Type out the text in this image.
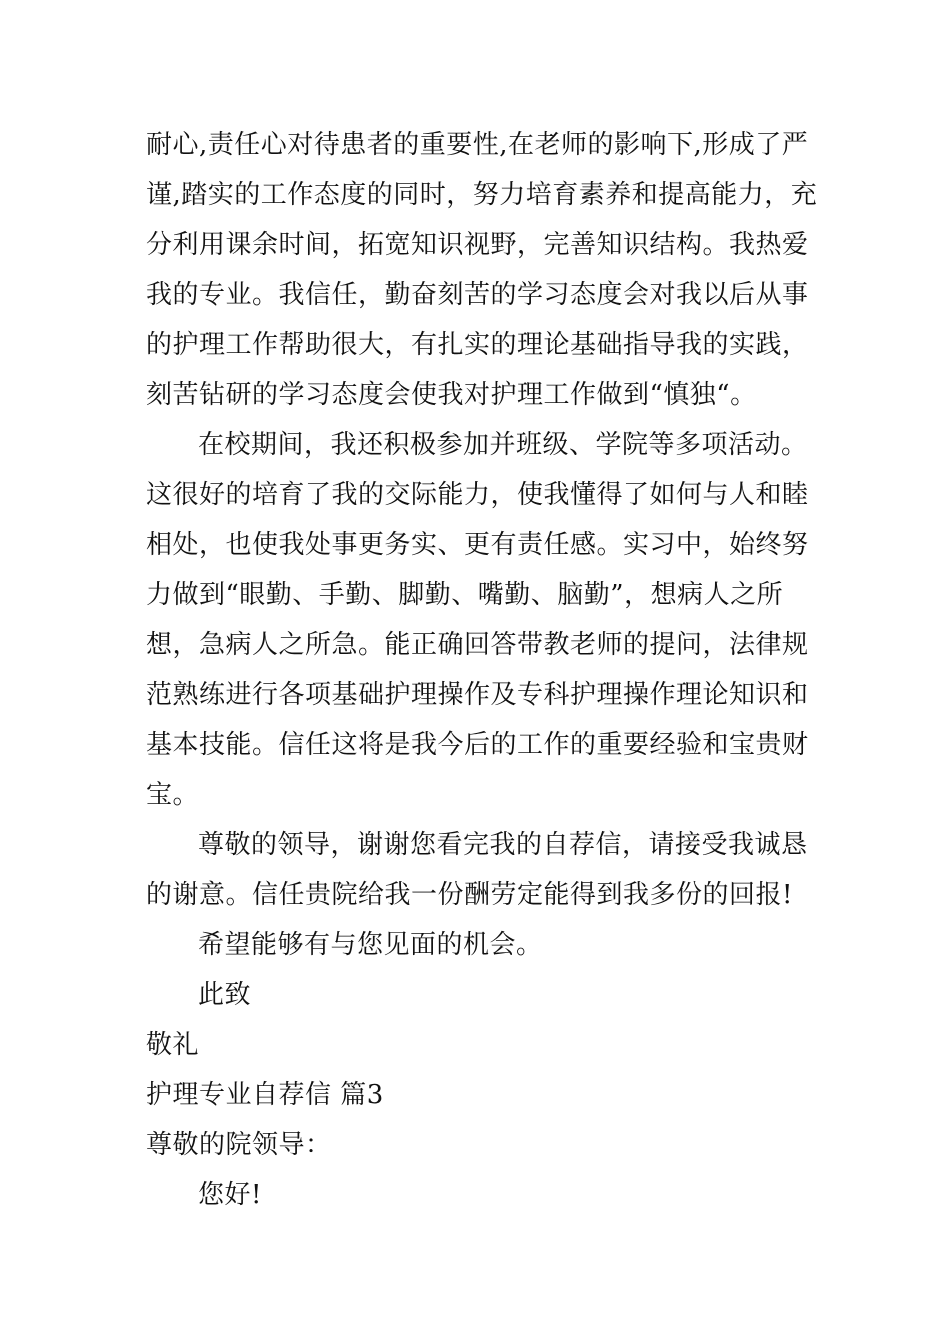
耐心,责任心对待患者的重要性,在老师的影响下,形成了严
谨,踏实的工作态度的同时，努力培育素养和提高能力，充
分利用课余时间，拓宽知识视野，完善知识结构。我热爱
我的专业。我信任，勤奋刻苦的学习态度会对我以后从事
的护理工作帮助很大，有扎实的理论基础指导我的实践，
刻苦钻研的学习态度会使我对护理工作做到“慎独“。
在校期间，我还积极参加并班级、学院等多项活动。
这很好的培育了我的交际能力，使我懂得了如何与人和睦
相处，也使我处事更务实、更有责任感。实习中，始终努
力做到“眼勤、手勤、脚勤、嘴勤、脑勤”，想病人之所
想，急病人之所急。能正确回答带教老师的提问，法律规
范熟练进行各项基础护理操作及专科护理操作理论知识和
基本技能。信任这将是我今后的工作的重要经验和宝贵财
宝。
尊敬的领导，谢谢您看完我的自荐信，请接受我诚恳
的谢意。信任贵院给我一份酬劳定能得到我多份的回报!
希望能够有与您见面的机会。
此致
敬礼
护理专业自荐信 篇3
尊敬的院领导：
您好!
